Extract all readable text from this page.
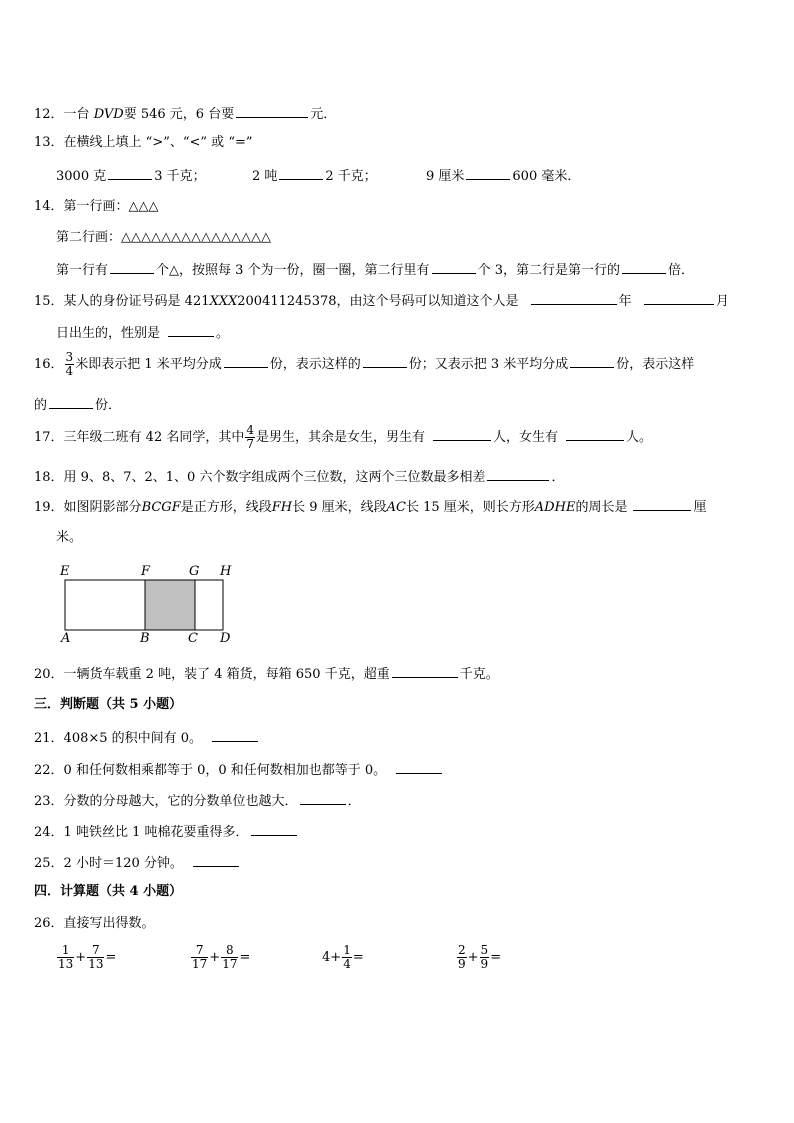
12．一台 DVD要 546 元，6 台要	元．
13．在横线上填上 “>”、“<” 或 “=”
3000 克	3 千克；	2 吨	2 千克；	9 厘米	600 毫米．
14．第一行画：△△△
第二行画：△△△△△△△△△△△△△△△
第一行有	个△，按照每 3 个为一份，圈一圈，第二行里有	个 3，第二行是第一行的	倍．
15．某人的身份证号码是 421XXX200411245378，由这个号码可以知道这个人是	年	月
日出生的，性别是	。
16． $\frac{3}{4}$ 米即表示把 1 米平均分成	份，表示这样的	份；又表示把 3 米平均分成	份，表示这样
的	份．
17．三年级二班有 42 名同学，其中 $\frac{4}{7}$ 是男生，其余是女生，男生有	人，女生有	人。
18．用 9、8、7、2、1、0 六个数字组成两个三位数，这两个三位数最多相差	．
19．如图阴影部分BCGF是正方形，线段FH长 9 厘米，线段AC长 15 厘米，则长方形ADHE的周长是	厘
米。
E	F	G H
A	B	C D
20．一辆货车载重 2 吨，装了 4 箱货，每箱 650 千克，超重	千克。
三．判断题（共 5 小题）
21．408×5 的积中间有 0。
22．0 和任何数相乘都等于 0，0 和任何数相加也都等于 0。
23．分数的分母越大，它的分数单位也越大．	．
24．1 吨铁丝比 1 吨棉花要重得多．
25．2 小时＝120 分钟。
四．计算题（共 4 小题）
26．直接写出得数。
$\frac{1}{13} + \frac{7}{13}$ =	$\frac{7}{17} + \frac{8}{17}$ =	$4+ \frac{1}{4}$ =	$\frac{2}{9} + \frac{5}{9}$ =
